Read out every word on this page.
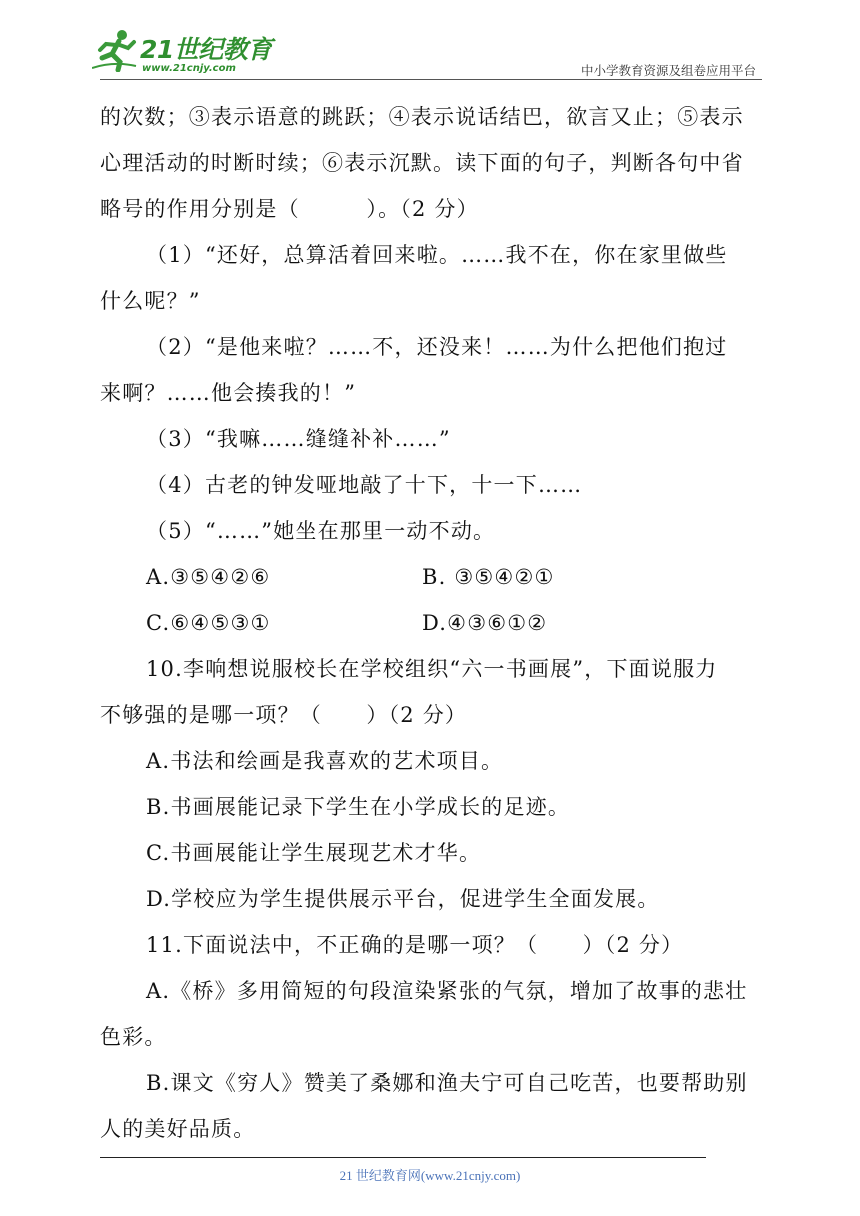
21世纪教育
www.21cnjy.com	中小学教育资源及组卷应用平台
的次数；③表示语意的跳跃；④表示说话结巴，欲言又止；⑤表示
心理活动的时断时续；⑥表示沉默。读下面的句子，判断各句中省
略号的作用分别是（　　　）。（2 分）
（1）“还好，总算活着回来啦。……我不在，你在家里做些
什么呢？”
（2）“是他来啦？……不，还没来！……为什么把他们抱过
来啊？……他会揍我的！”
（3）“我嘛……缝缝补补……”
（4）古老的钟发哑地敲了十下，十一下……
（5）“……”她坐在那里一动不动。
A.③⑤④②⑥	B. ③⑤④②①
C.⑥④⑤③①	D.④③⑥①②
10.李响想说服校长在学校组织“六一书画展”，下面说服力
不够强的是哪一项？（　　）（2 分）
A.书法和绘画是我喜欢的艺术项目。
B.书画展能记录下学生在小学成长的足迹。
C.书画展能让学生展现艺术才华。
D.学校应为学生提供展示平台，促进学生全面发展。
11.下面说法中，不正确的是哪一项？（　　）（2 分）
A.《桥》多用简短的句段渲染紧张的气氛，增加了故事的悲壮
色彩。
B.课文《穷人》赞美了桑娜和渔夫宁可自己吃苦，也要帮助别
人的美好品质。
21 世纪教育网(www.21cnjy.com)
